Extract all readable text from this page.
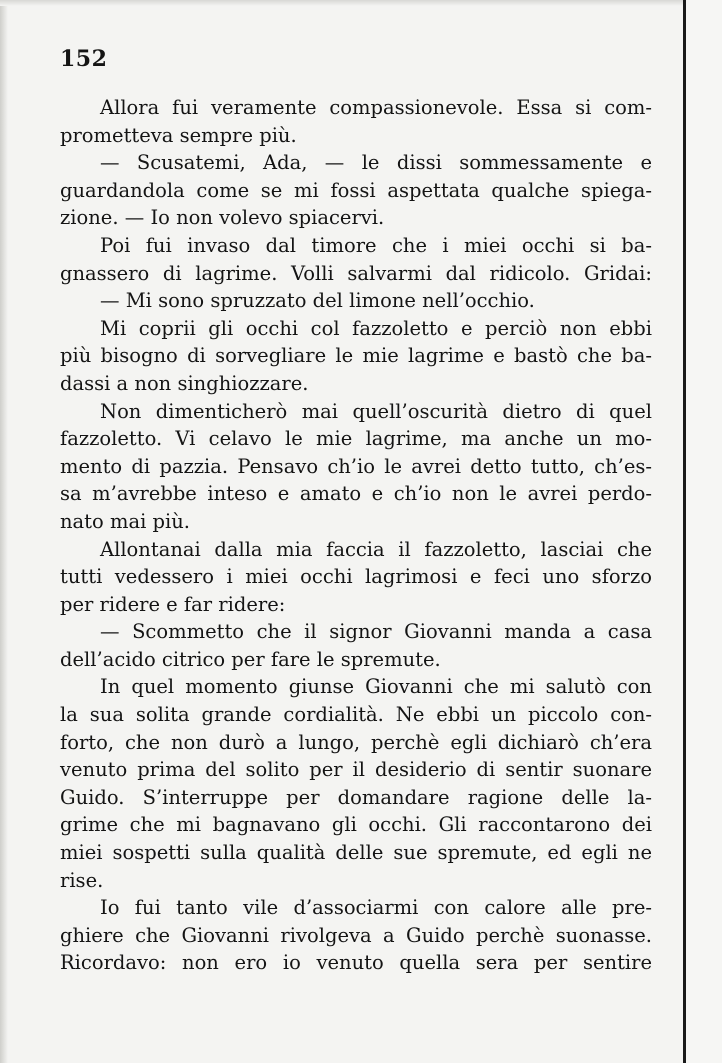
152
Allora fui veramente compassionevole. Essa si com-
prometteva sempre più.
— Scusatemi, Ada, — le dissi sommessamente e
guardandola come se mi fossi aspettata qualche spiega-
zione. — Io non volevo spiacervi.
Poi fui invaso dal timore che i miei occhi si ba-
gnassero di lagrime. Volli salvarmi dal ridicolo. Gridai:
— Mi sono spruzzato del limone nell’occhio.
Mi coprii gli occhi col fazzoletto e perciò non ebbi
più bisogno di sorvegliare le mie lagrime e bastò che ba-
dassi a non singhiozzare.
Non dimenticherò mai quell’oscurità dietro di quel
fazzoletto. Vi celavo le mie lagrime, ma anche un mo-
mento di pazzia. Pensavo ch’io le avrei detto tutto, ch’es-
sa m’avrebbe inteso e amato e ch’io non le avrei perdo-
nato mai più.
Allontanai dalla mia faccia il fazzoletto, lasciai che
tutti vedessero i miei occhi lagrimosi e feci uno sforzo
per ridere e far ridere:
— Scommetto che il signor Giovanni manda a casa
dell’acido citrico per fare le spremute.
In quel momento giunse Giovanni che mi salutò con
la sua solita grande cordialità. Ne ebbi un piccolo con-
forto, che non durò a lungo, perchè egli dichiarò ch’era
venuto prima del solito per il desiderio di sentir suonare
Guido. S’interruppe per domandare ragione delle la-
grime che mi bagnavano gli occhi. Gli raccontarono dei
miei sospetti sulla qualità delle sue spremute, ed egli ne
rise.
Io fui tanto vile d’associarmi con calore alle pre-
ghiere che Giovanni rivolgeva a Guido perchè suonasse.
Ricordavo: non ero io venuto quella sera per sentire
